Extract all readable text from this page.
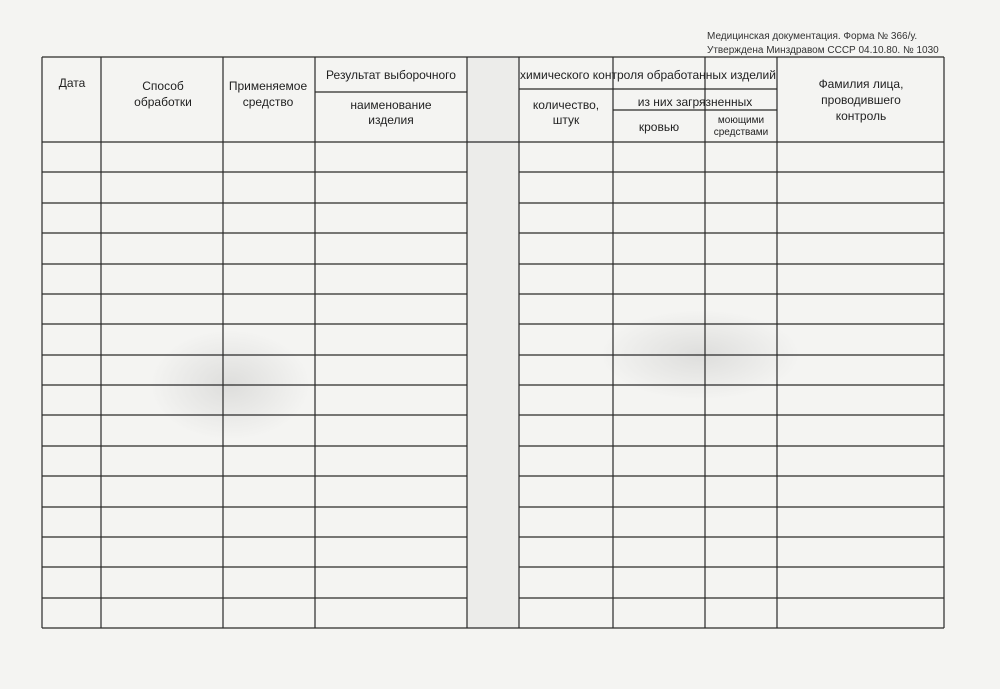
Медицинская документация. Форма № 366/у.
Утверждена Минздравом СССР 04.10.80. № 1030
Дата	Способ
обработки
Применяемое
средство
Результат выборочного
наименование
изделия
химического контроля обработанных изделий
количество,
штук
из них загрязненных
кровью	моющими
средствами
Фамилия лица,
проводившего
контроль
